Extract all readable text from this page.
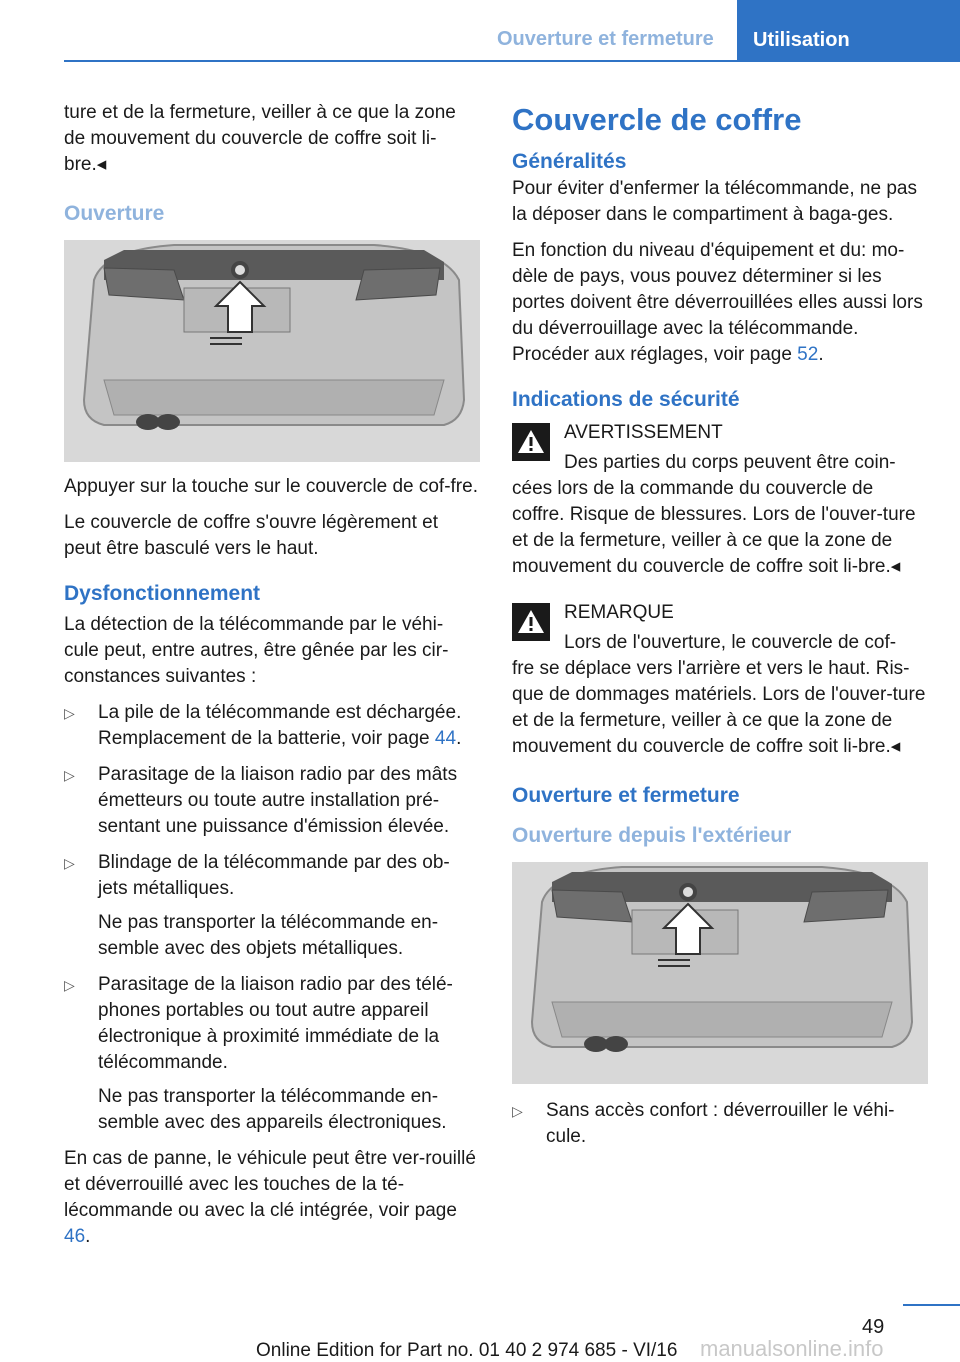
Ouverture et fermeture Utilisation

ture et de la fermeture, veiller à ce que la zone de mouvement du couvercle de coffre soit li-bre.◂

Ouverture

Appuyer sur la touche sur le couvercle de cof-fre.

Le couvercle de coffre s'ouvre légèrement et peut être basculé vers le haut.

Dysfonctionnement

La détection de la télécommande par le véhi-cule peut, entre autres, être gênée par les cir-constances suivantes :

▷ La pile de la télécommande est déchargée. Remplacement de la batterie, voir page 44.
▷ Parasitage de la liaison radio par des mâts émetteurs ou toute autre installation pré-sentant une puissance d'émission élevée.
▷ Blindage de la télécommande par des ob-jets métalliques.

Ne pas transporter la télécommande en-semble avec des objets métalliques.

▷ Parasitage de la liaison radio par des télé-phones portables ou tout autre appareil électronique à proximité immédiate de la télécommande.

Ne pas transporter la télécommande en-semble avec des appareils électroniques.

En cas de panne, le véhicule peut être ver-rouillé et déverrouillé avec les touches de la té-lécommande ou avec la clé intégrée, voir page 46.

Couvercle de coffre
Généralités

Pour éviter d'enfermer la télécommande, ne pas la déposer dans le compartiment à baga-ges.

En fonction du niveau d'équipement et du: mo-dèle de pays, vous pouvez déterminer si les portes doivent être déverrouillées elles aussi lors du déverrouillage avec la télécommande. Procéder aux réglages, voir page 52.

Indications de sécurité
AVERTISSEMENT
Des parties du corps peuvent être coin-
cées lors de la commande du couvercle de coffre. Risque de blessures. Lors de l'ouver-ture et de la fermeture, veiller à ce que la zone de mouvement du couvercle de coffre soit li-bre.◂
REMARQUE
Lors de l'ouverture, le couvercle de cof-
fre se déplace vers l'arrière et vers le haut. Ris-que de dommages matériels. Lors de l'ouver-ture et de la fermeture, veiller à ce que la zone de mouvement du couvercle de coffre soit li-bre.◂
Ouverture et fermeture
Ouverture depuis l'extérieur
▷ Sans accès confort : déverrouiller le véhi-cule.
49
manualsonline.info
Online Edition for Part no. 01 40 2 974 685 - VI/16
